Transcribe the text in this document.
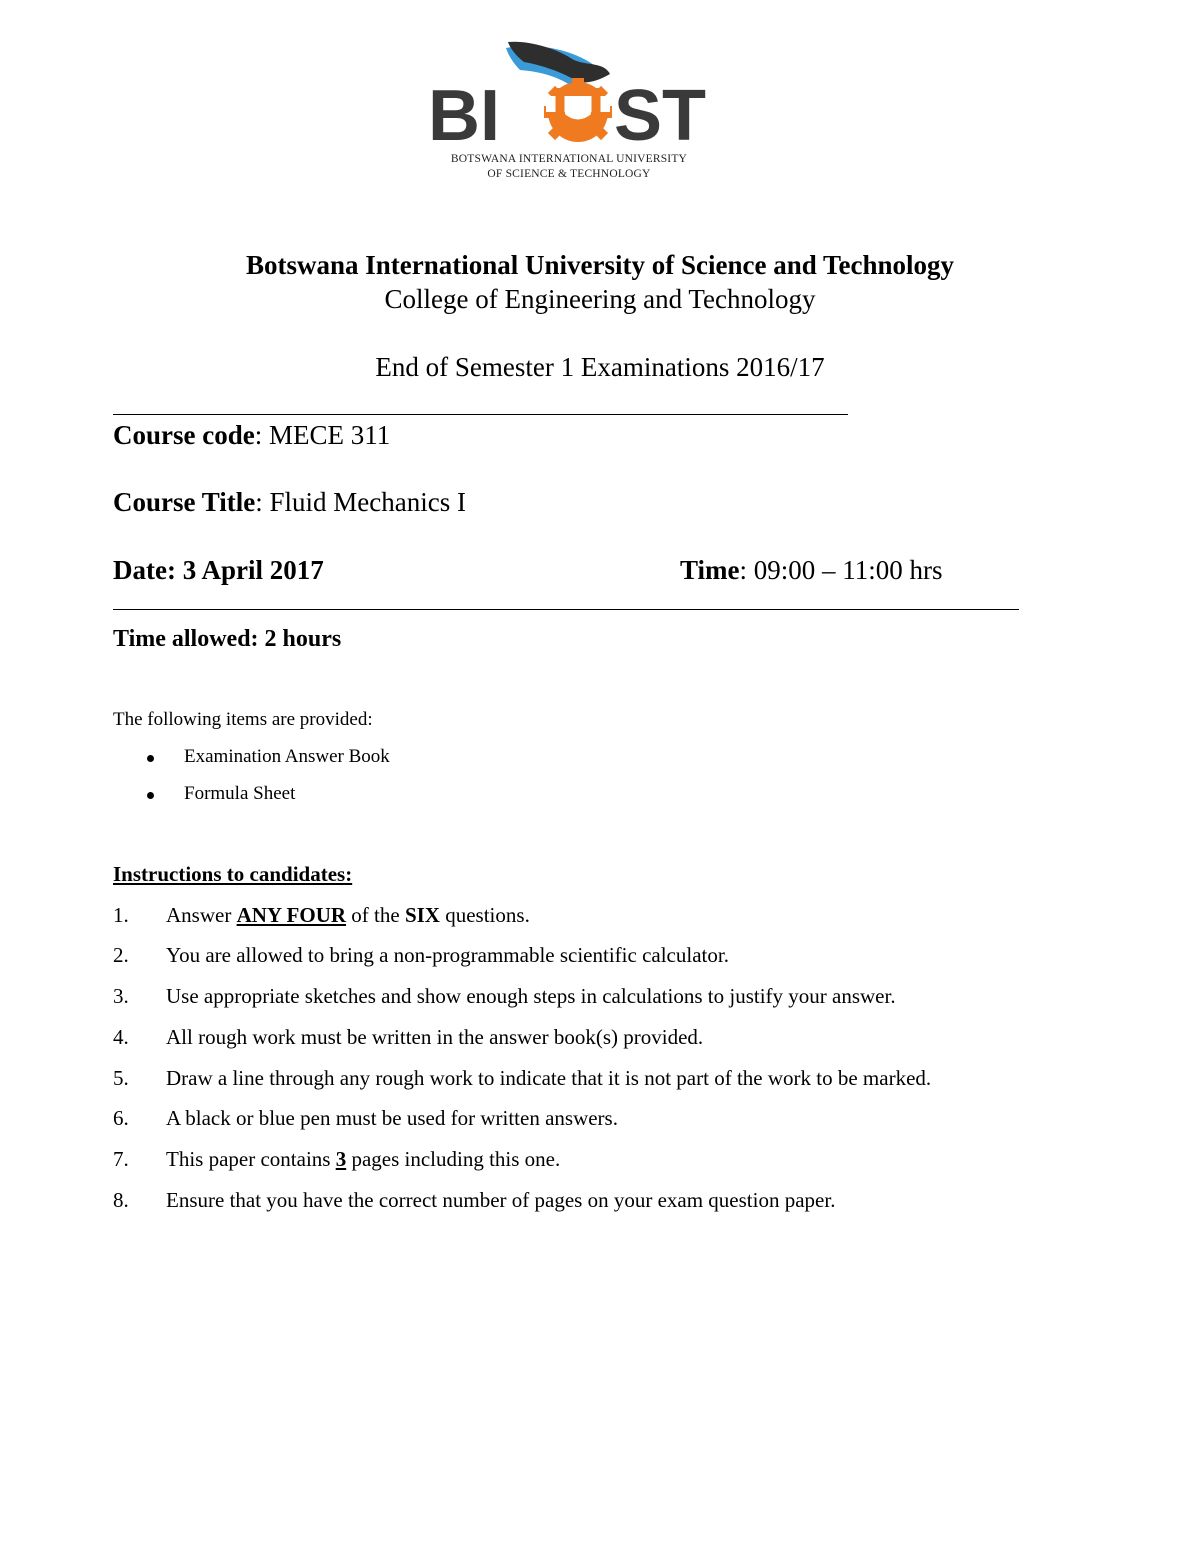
BI ST
BOTSWANA INTERNATIONAL UNIVERSITY
OF SCIENCE & TECHNOLOGY
Botswana International University of Science and Technology
College of Engineering and Technology
End of Semester 1 Examinations 2016/17
Course code: MECE 311
Course Title: Fluid Mechanics I
Date: 3 April 2017	Time: 09:00 – 11:00 hrs
Time allowed: 2 hours
The following items are provided:
Examination Answer Book
Formula Sheet
Instructions to candidates:
1. Answer ANY FOUR of the SIX questions.
2. You are allowed to bring a non-programmable scientific calculator.
3. Use appropriate sketches and show enough steps in calculations to justify your answer.
4. All rough work must be written in the answer book(s) provided.
5. Draw a line through any rough work to indicate that it is not part of the work to be marked.
6. A black or blue pen must be used for written answers.
7. This paper contains 3 pages including this one.
8. Ensure that you have the correct number of pages on your exam question paper.
